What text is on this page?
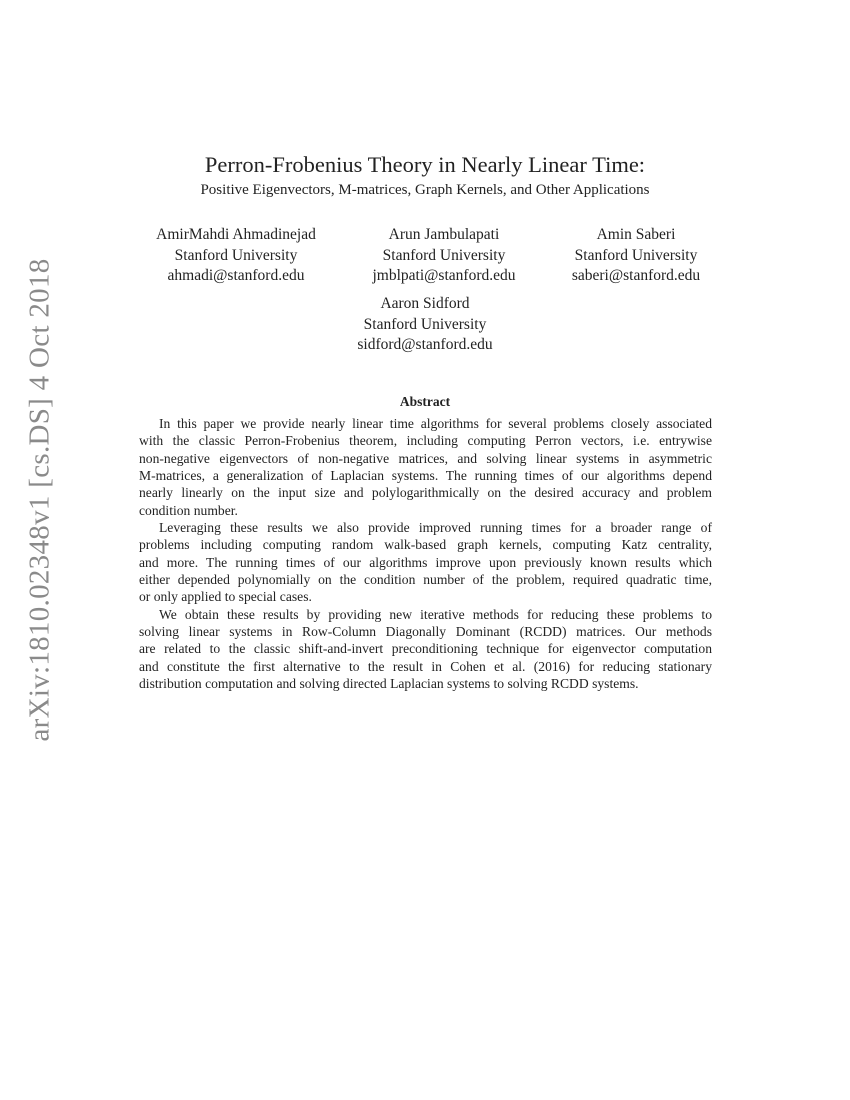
arXiv:1810.02348v1 [cs.DS] 4 Oct 2018
Perron-Frobenius Theory in Nearly Linear Time:
Positive Eigenvectors, M-matrices, Graph Kernels, and Other Applications
AmirMahdi Ahmadinejad
Stanford University
ahmadi@stanford.edu
Arun Jambulapati
Stanford University
jmblpati@stanford.edu
Amin Saberi
Stanford University
saberi@stanford.edu
Aaron Sidford
Stanford University
sidford@stanford.edu
Abstract
In this paper we provide nearly linear time algorithms for several problems closely associated
with the classic Perron-Frobenius theorem, including computing Perron vectors, i.e. entrywise
non-negative eigenvectors of non-negative matrices, and solving linear systems in asymmetric
M-matrices, a generalization of Laplacian systems. The running times of our algorithms depend
nearly linearly on the input size and polylogarithmically on the desired accuracy and problem
condition number.
Leveraging these results we also provide improved running times for a broader range of
problems including computing random walk-based graph kernels, computing Katz centrality,
and more. The running times of our algorithms improve upon previously known results which
either depended polynomially on the condition number of the problem, required quadratic time,
or only applied to special cases.
We obtain these results by providing new iterative methods for reducing these problems to
solving linear systems in Row-Column Diagonally Dominant (RCDD) matrices. Our methods
are related to the classic shift-and-invert preconditioning technique for eigenvector computation
and constitute the first alternative to the result in Cohen et al. (2016) for reducing stationary
distribution computation and solving directed Laplacian systems to solving RCDD systems.
